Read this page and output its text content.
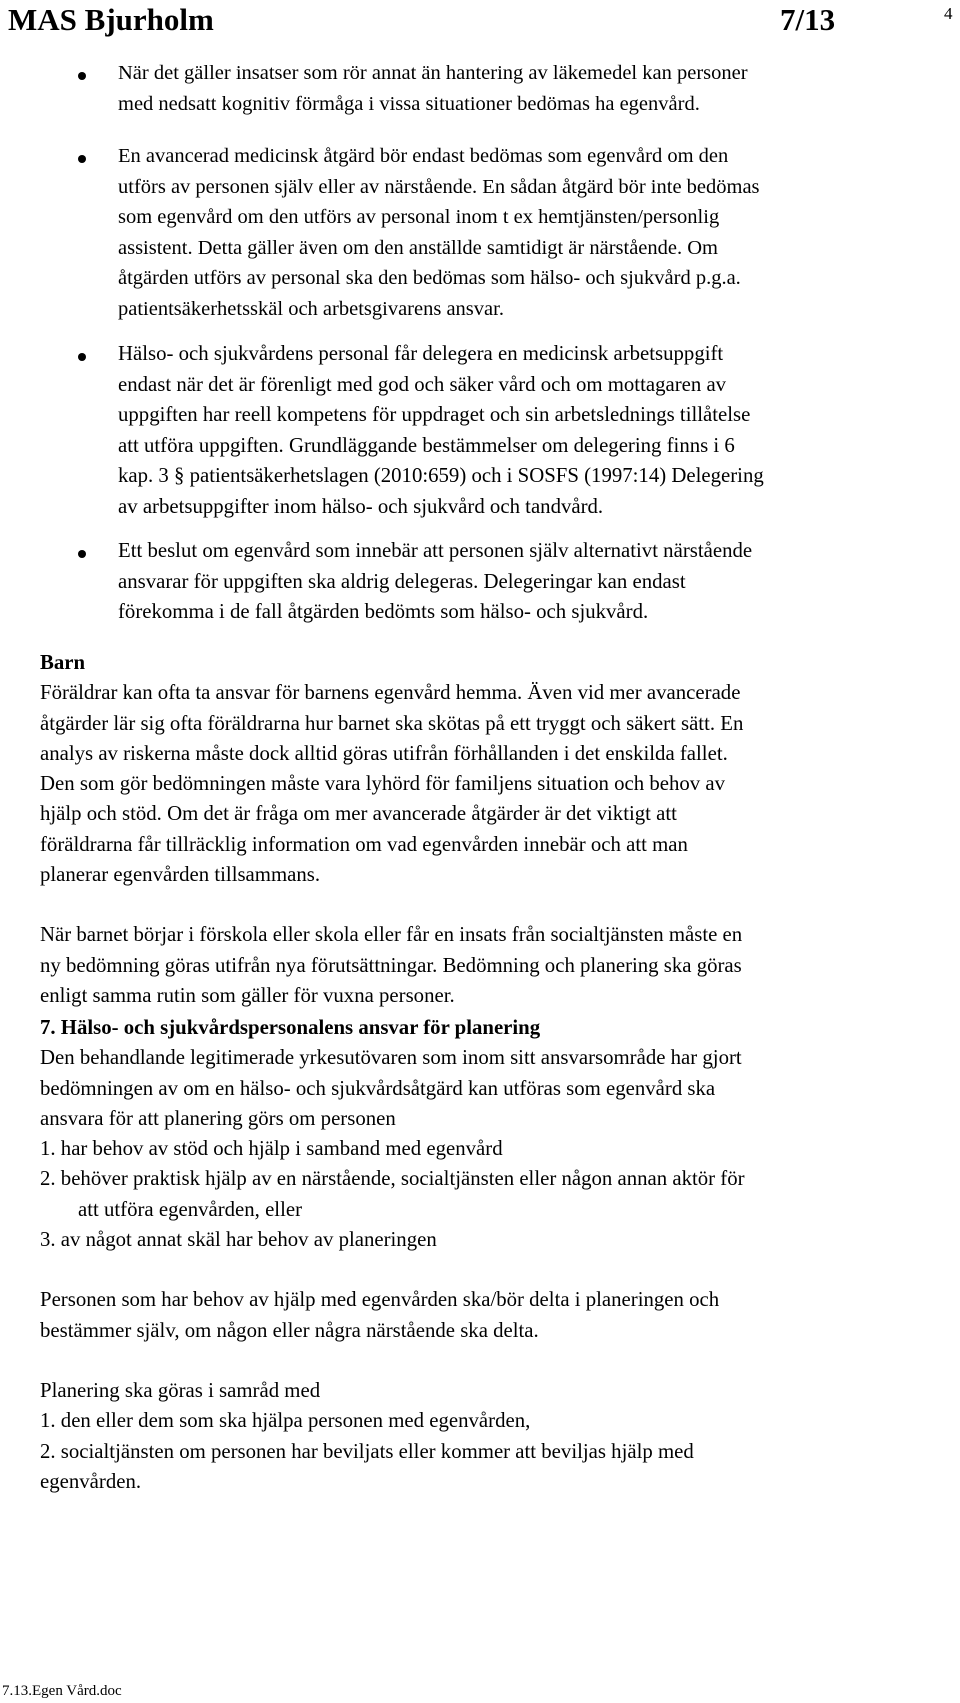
MAS Bjurholm	7/13	4
När det gäller insatser som rör annat än hantering av läkemedel kan personer
med nedsatt kognitiv förmåga i vissa situationer bedömas ha egenvård.
En avancerad medicinsk åtgärd bör endast bedömas som egenvård om den
utförs av personen själv eller av närstående. En sådan åtgärd bör inte bedömas
som egenvård om den utförs av personal inom t ex hemtjänsten/personlig
assistent. Detta gäller även om den anställde samtidigt är närstående. Om
åtgärden utförs av personal ska den bedömas som hälso- och sjukvård p.g.a.
patientsäkerhetsskäl och arbetsgivarens ansvar.
Hälso- och sjukvårdens personal får delegera en medicinsk arbetsuppgift
endast när det är förenligt med god och säker vård och om mottagaren av
uppgiften har reell kompetens för uppdraget och sin arbetslednings tillåtelse
att utföra uppgiften. Grundläggande bestämmelser om delegering finns i 6
kap. 3 § patientsäkerhetslagen (2010:659) och i SOSFS (1997:14) Delegering
av arbetsuppgifter inom hälso- och sjukvård och tandvård.
Ett beslut om egenvård som innebär att personen själv alternativt närstående
ansvarar för uppgiften ska aldrig delegeras. Delegeringar kan endast
förekomma i de fall åtgärden bedömts som hälso- och sjukvård.
Barn
Föräldrar kan ofta ta ansvar för barnens egenvård hemma. Även vid mer avancerade
åtgärder lär sig ofta föräldrarna hur barnet ska skötas på ett tryggt och säkert sätt. En
analys av riskerna måste dock alltid göras utifrån förhållanden i det enskilda fallet.
Den som gör bedömningen måste vara lyhörd för familjens situation och behov av
hjälp och stöd. Om det är fråga om mer avancerade åtgärder är det viktigt att
föräldrarna får tillräcklig information om vad egenvården innebär och att man
planerar egenvården tillsammans.
När barnet börjar i förskola eller skola eller får en insats från socialtjänsten måste en
ny bedömning göras utifrån nya förutsättningar. Bedömning och planering ska göras
enligt samma rutin som gäller för vuxna personer.
7. Hälso- och sjukvårdspersonalens ansvar för planering
Den behandlande legitimerade yrkesutövaren som inom sitt ansvarsområde har gjort
bedömningen av om en hälso- och sjukvårdsåtgärd kan utföras som egenvård ska
ansvara för att planering görs om personen
1. har behov av stöd och hjälp i samband med egenvård
2. behöver praktisk hjälp av en närstående, socialtjänsten eller någon annan aktör för
att utföra egenvården, eller
3. av något annat skäl har behov av planeringen
Personen som har behov av hjälp med egenvården ska/bör delta i planeringen och
bestämmer själv, om någon eller några närstående ska delta.
Planering ska göras i samråd med
1. den eller dem som ska hjälpa personen med egenvården,
2. socialtjänsten om personen har beviljats eller kommer att beviljas hjälp med
egenvården.
7.13.Egen Vård.doc
